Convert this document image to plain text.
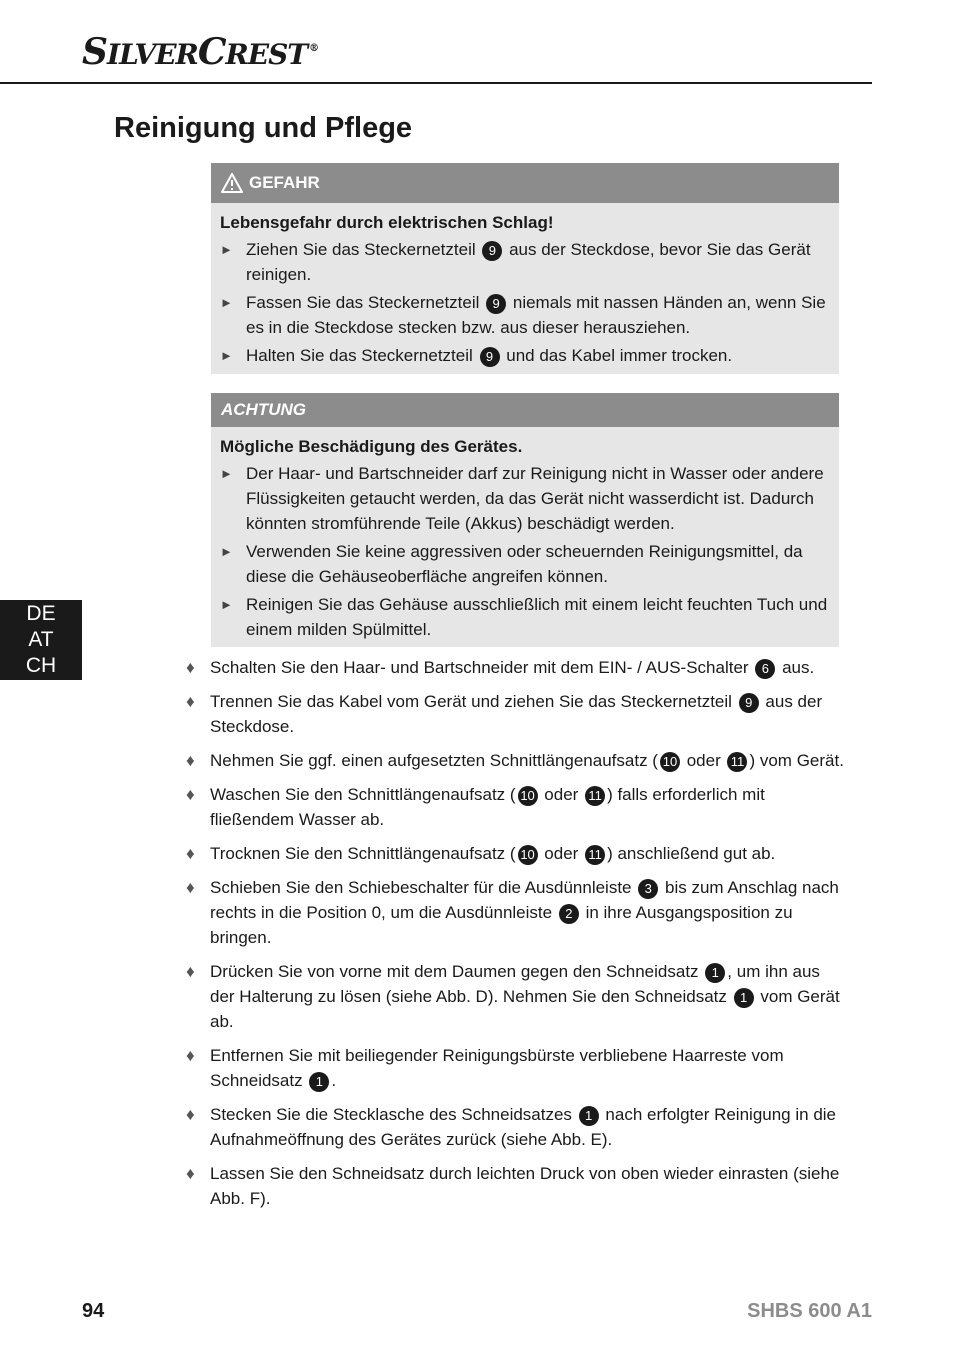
SILVERCREST ®
Reinigung und Pflege
GEFAHR
Lebensgefahr durch elektrischen Schlag!
► Ziehen Sie das Steckernetzteil 9 aus der Steckdose, bevor Sie das Gerät reinigen.
► Fassen Sie das Steckernetzteil 9 niemals mit nassen Händen an, wenn Sie es in die Steckdose stecken bzw. aus dieser herausziehen.
► Halten Sie das Steckernetzteil 9 und das Kabel immer trocken.
ACHTUNG
Mögliche Beschädigung des Gerätes.
► Der Haar- und Bartschneider darf zur Reinigung nicht in Wasser oder andere Flüssigkeiten getaucht werden, da das Gerät nicht wasserdicht ist. Dadurch könnten stromführende Teile (Akkus) beschädigt werden.
► Verwenden Sie keine aggressiven oder scheuernden Reinigungsmittel, da diese die Gehäuseoberfläche angreifen können.
► Reinigen Sie das Gehäuse ausschließlich mit einem leicht feuchten Tuch und einem milden Spülmittel.
DE
AT
CH	♦ Schalten Sie den Haar- und Bartschneider mit dem EIN- / AUS-Schalter 6 aus.
♦ Trennen Sie das Kabel vom Gerät und ziehen Sie das Steckernetzteil 9 aus der Steckdose.
♦ Nehmen Sie ggf. einen aufgesetzten Schnittlängenaufsatz ( 10 oder 11 ) vom Gerät.
♦ Waschen Sie den Schnittlängenaufsatz ( 10 oder 11 ) falls erforderlich mit fließendem Wasser ab.
♦ Trocknen Sie den Schnittlängenaufsatz ( 10 oder 11 ) anschließend gut ab.
♦ Schieben Sie den Schiebeschalter für die Ausdünnleiste 3 bis zum Anschlag nach rechts in die Position 0, um die Ausdünnleiste 2 in ihre Ausgangsposition zu bringen.
♦ Drücken Sie von vorne mit dem Daumen gegen den Schneidsatz 1 , um ihn aus der Halterung zu lösen (siehe Abb. D). Nehmen Sie den Schneidsatz 1 vom Gerät ab.
♦ Entfernen Sie mit beiliegender Reinigungsbürste verbliebene Haarreste vom Schneidsatz 1 .
♦ Stecken Sie die Stecklasche des Schneidsatzes 1 nach erfolgter Reinigung in die Aufnahmeöffnung des Gerätes zurück (siehe Abb. E).
♦ Lassen Sie den Schneidsatz durch leichten Druck von oben wieder einrasten (siehe Abb. F).
94	SHBS 600 A1
